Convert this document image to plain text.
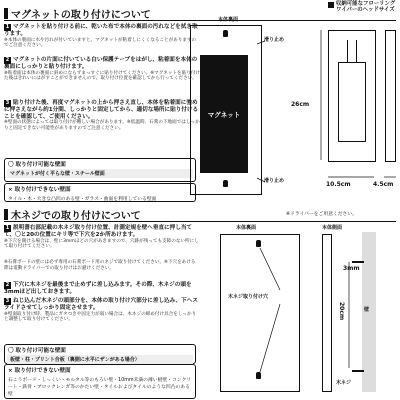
マグネットの取り付けについて
1 マグネットを貼り付ける前に、乾いた布で本体の裏面の汚れなどを拭き取ります。
※本体の裏面に水や汚れが付いていますと、マグネットが粘着しにくくなることがありますのでご注意ください。
2 マグネットの片面に付いている白い保護テープをはがし、粘着面を本体の裏面にしっかりと貼り付けます。
※粘着面は本体の裏面に斜めにならずまっすぐに貼り付けてください。※マグネットを貼り付けた後はきれいにはがすことができませんので、取り付け位置を確認してから行ってください。
3 貼り付けた後、再度マグネットの上から押さえ直し、本体を粘着面に強めに押さえながら約1分間、しっかりと固定してから、適切な場所に貼り付けることを確認して、ご使用ください。
※壁面の状態によっては取り付けが難しい場合があります。※低温時、石膏の下地面ではしっかりと固定できない可能性がありますのでご注意ください。
〇 取り付け可能な壁面
マグネットが付く平らな壁・スチール壁面
× 取り付けできない壁面
タイル・木・大きな凸凹のある壁・ガラス・曲面を利用している壁面
本体裏面
マグネット
滑り止め
滑り止め
収納可能なフローリングワイパーのヘッドサイズ
26cm
10.5cm	4.5cm
木ネジでの取り付けについて	※ドライバーをご用意ください。
1 説明書右部記載の木ネジ取り付け位置、計測定規を壁へ垂直に押し当てて、〇と20の位置にキリ等で下穴を2か所あけます。
※下穴を開ける場合は、壁に3mmほどの穴があきますので、穴跡が残っても支障のない所にして取り付けてください。
※石膏ボードの壁には必ず専用の石膏ボード用のネジで取り付けてください。※下穴をあける際は電動ドライバーでの取り付けはお避けください。
2 下穴に木ネジを最後まで止めずに差し込みます。その際、木ネジの頭を3mmほど出しておきます。
3 ねじ込んだ木ネジの頭部分を、本体の取り付け穴部分に差し込み、下へスライドさせてしっかり固定させます。
※壁面取り付け時、製品にガタつきや固定力が弱い場合は、木ネジの締め付け具合をしっかりと調整して取り付けてください。
〇 取り付け可能な壁面
板壁・柱・プリント合板（裏側に水平にザンがある場合）
× 取り付けできない壁面
石こうボード・しっくい・モルタル等のもろい壁・10mm未満の薄い板壁・コンクリート・鉄骨・ブロックレンガ等のかたい壁・タイルおよびタイルのような凹凸のある壁
本体裏面	本体側面
木ネジ取り付け穴
20cm
3mm
壁
木ネジ
